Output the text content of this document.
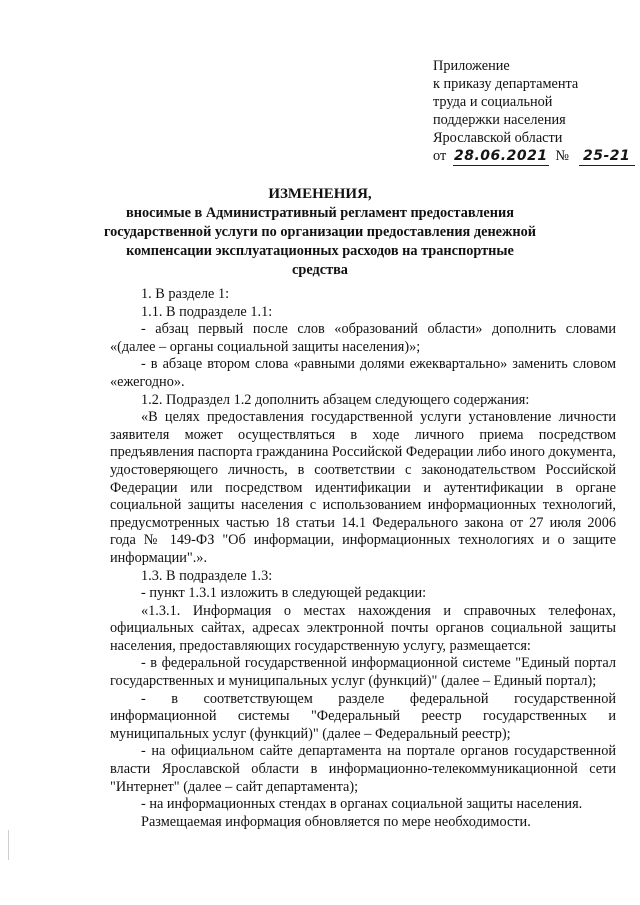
Приложение
к приказу департамента
труда и социальной
поддержки населения
Ярославской области
от 28.06.2021 № 25-21
ИЗМЕНЕНИЯ,
вносимые в Административный регламент предоставления
государственной услуги по организации предоставления денежной
компенсации эксплуатационных расходов на транспортные средства

1. В разделе 1:

1.1. В подразделе 1.1:

- абзац первый после слов «образований области» дополнить словами «(далее – органы социальной защиты населения)»;

- в абзаце втором слова «равными долями ежеквартально» заменить словом «ежегодно».

1.2. Подраздел 1.2 дополнить абзацем следующего содержания:

«В целях предоставления государственной услуги установление личности заявителя может осуществляться в ходе личного приема посредством предъявления паспорта гражданина Российской Федерации либо иного документа, удостоверяющего личность, в соответствии с законодательством Российской Федерации или посредством идентификации и аутентификации в органе социальной защиты населения с использованием информационных технологий, предусмотренных частью 18 статьи 14.1 Федерального закона от 27 июля 2006 года № 149-ФЗ "Об информации, информационных технологиях и о защите информации".».

1.3. В подразделе 1.3:

- пункт 1.3.1 изложить в следующей редакции:

«1.3.1. Информация о местах нахождения и справочных телефонах, официальных сайтах, адресах электронной почты органов социальной защиты населения, предоставляющих государственную услугу, размещается:

- в федеральной государственной информационной системе "Единый портал государственных и муниципальных услуг (функций)" (далее – Единый портал);

- в соответствующем разделе федеральной государственной информационной системы "Федеральный реестр государственных и муниципальных услуг (функций)" (далее – Федеральный реестр);

- на официальном сайте департамента на портале органов государственной власти Ярославской области в информационно-телекоммуникационной сети "Интернет" (далее – сайт департамента);

- на информационных стендах в органах социальной защиты населения.

Размещаемая информация обновляется по мере необходимости.
